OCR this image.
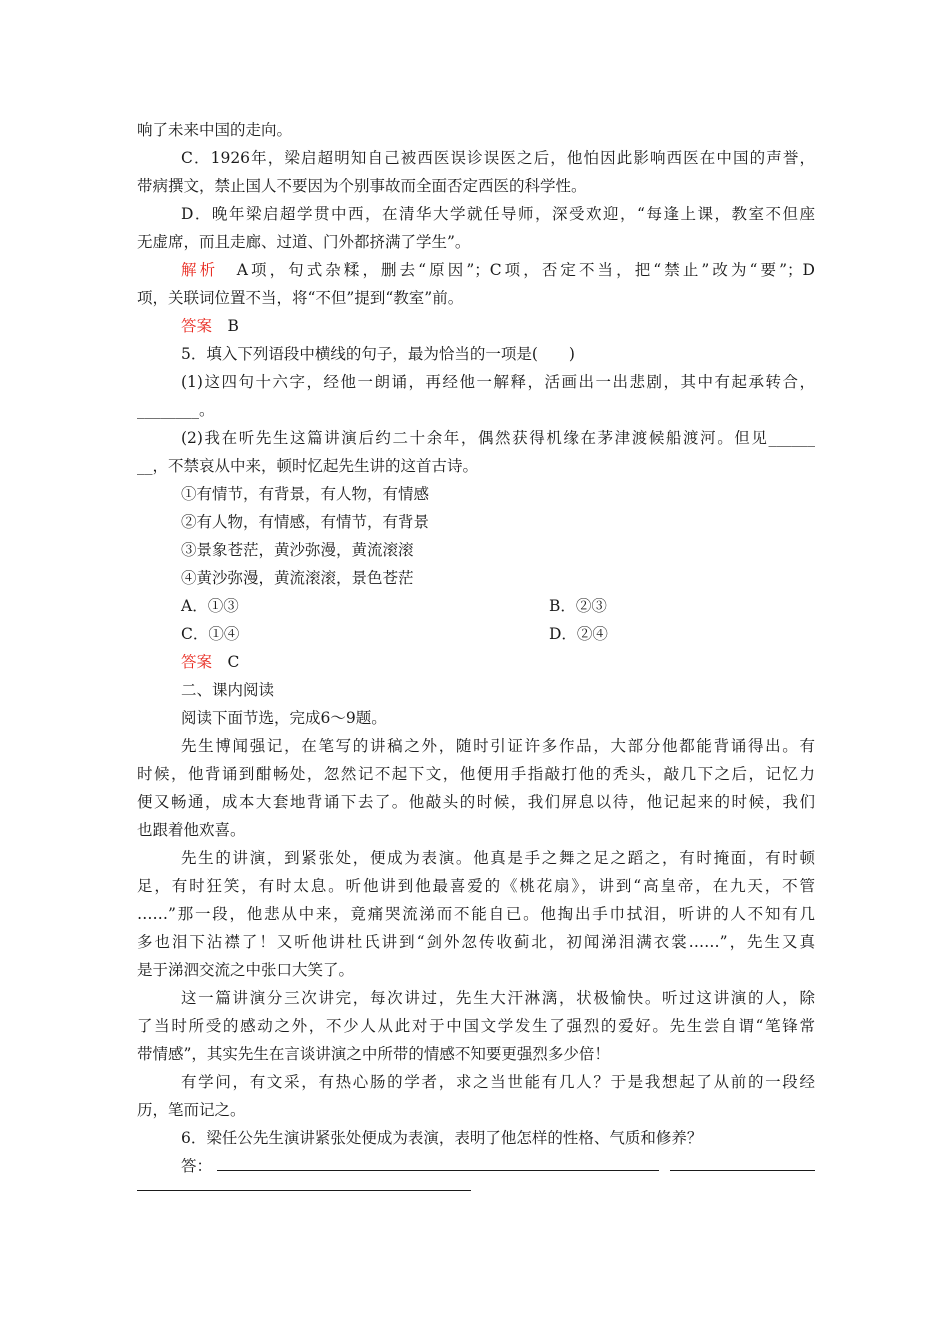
响了未来中国的走向。
C．1926年，梁启超明知自己被西医误诊误医之后，他怕因此影响西医在中国的声誉，
带病撰文，禁止国人不要因为个别事故而全面否定西医的科学性。
D．晚年梁启超学贯中西，在清华大学就任导师，深受欢迎，“每逢上课，教室不但座
无虚席，而且走廊、过道、门外都挤满了学生”。
解析　 A项，句式杂糅，删去“原因”；C项，否定不当，把“禁止”改为“要”；D
项，关联词位置不当，将“不但”提到“教室”前。
答案　 B
5．填入下列语段中横线的句子，最为恰当的一项是(　　)
(1)这四句十六字，经他一朗诵，再经他一解释，活画出一出悲剧，其中有起承转合，
________。
(2)我在听先生这篇讲演后约二十余年，偶然获得机缘在茅津渡候船渡河。但见______
__，不禁哀从中来，顿时忆起先生讲的这首古诗。
①有情节，有背景，有人物，有情感
②有人物，有情感，有情节，有背景
③景象苍茫，黄沙弥漫，黄流滚滚
④黄沙弥漫，黄流滚滚，景色苍茫
A．①③	B．②③
C．①④	D．②④
答案　 C
二、课内阅读
阅读下面节选，完成6～9题。
先生博闻强记，在笔写的讲稿之外，随时引证许多作品，大部分他都能背诵得出。有
时候，他背诵到酣畅处，忽然记不起下文，他便用手指敲打他的秃头，敲几下之后，记忆力
便又畅通，成本大套地背诵下去了。他敲头的时候，我们屏息以待，他记起来的时候，我们
也跟着他欢喜。
先生的讲演，到紧张处，便成为表演。他真是手之舞之足之蹈之，有时掩面，有时顿
足，有时狂笑，有时太息。听他讲到他最喜爱的《桃花扇》，讲到“高皇帝，在九天，不管
……”那一段，他悲从中来，竟痛哭流涕而不能自已。他掏出手巾拭泪，听讲的人不知有几
多也泪下沾襟了！又听他讲杜氏讲到“剑外忽传收蓟北，初闻涕泪满衣裳……”，先生又真
是于涕泗交流之中张口大笑了。
这一篇讲演分三次讲完，每次讲过，先生大汗淋漓，状极愉快。听过这讲演的人，除
了当时所受的感动之外，不少人从此对于中国文学发生了强烈的爱好。先生尝自谓“笔锋常
带情感”，其实先生在言谈讲演之中所带的情感不知要更强烈多少倍！
有学问，有文采，有热心肠的学者，求之当世能有几人？于是我想起了从前的一段经
历，笔而记之。
6．梁任公先生演讲紧张处便成为表演，表明了他怎样的性格、气质和修养？
答：
